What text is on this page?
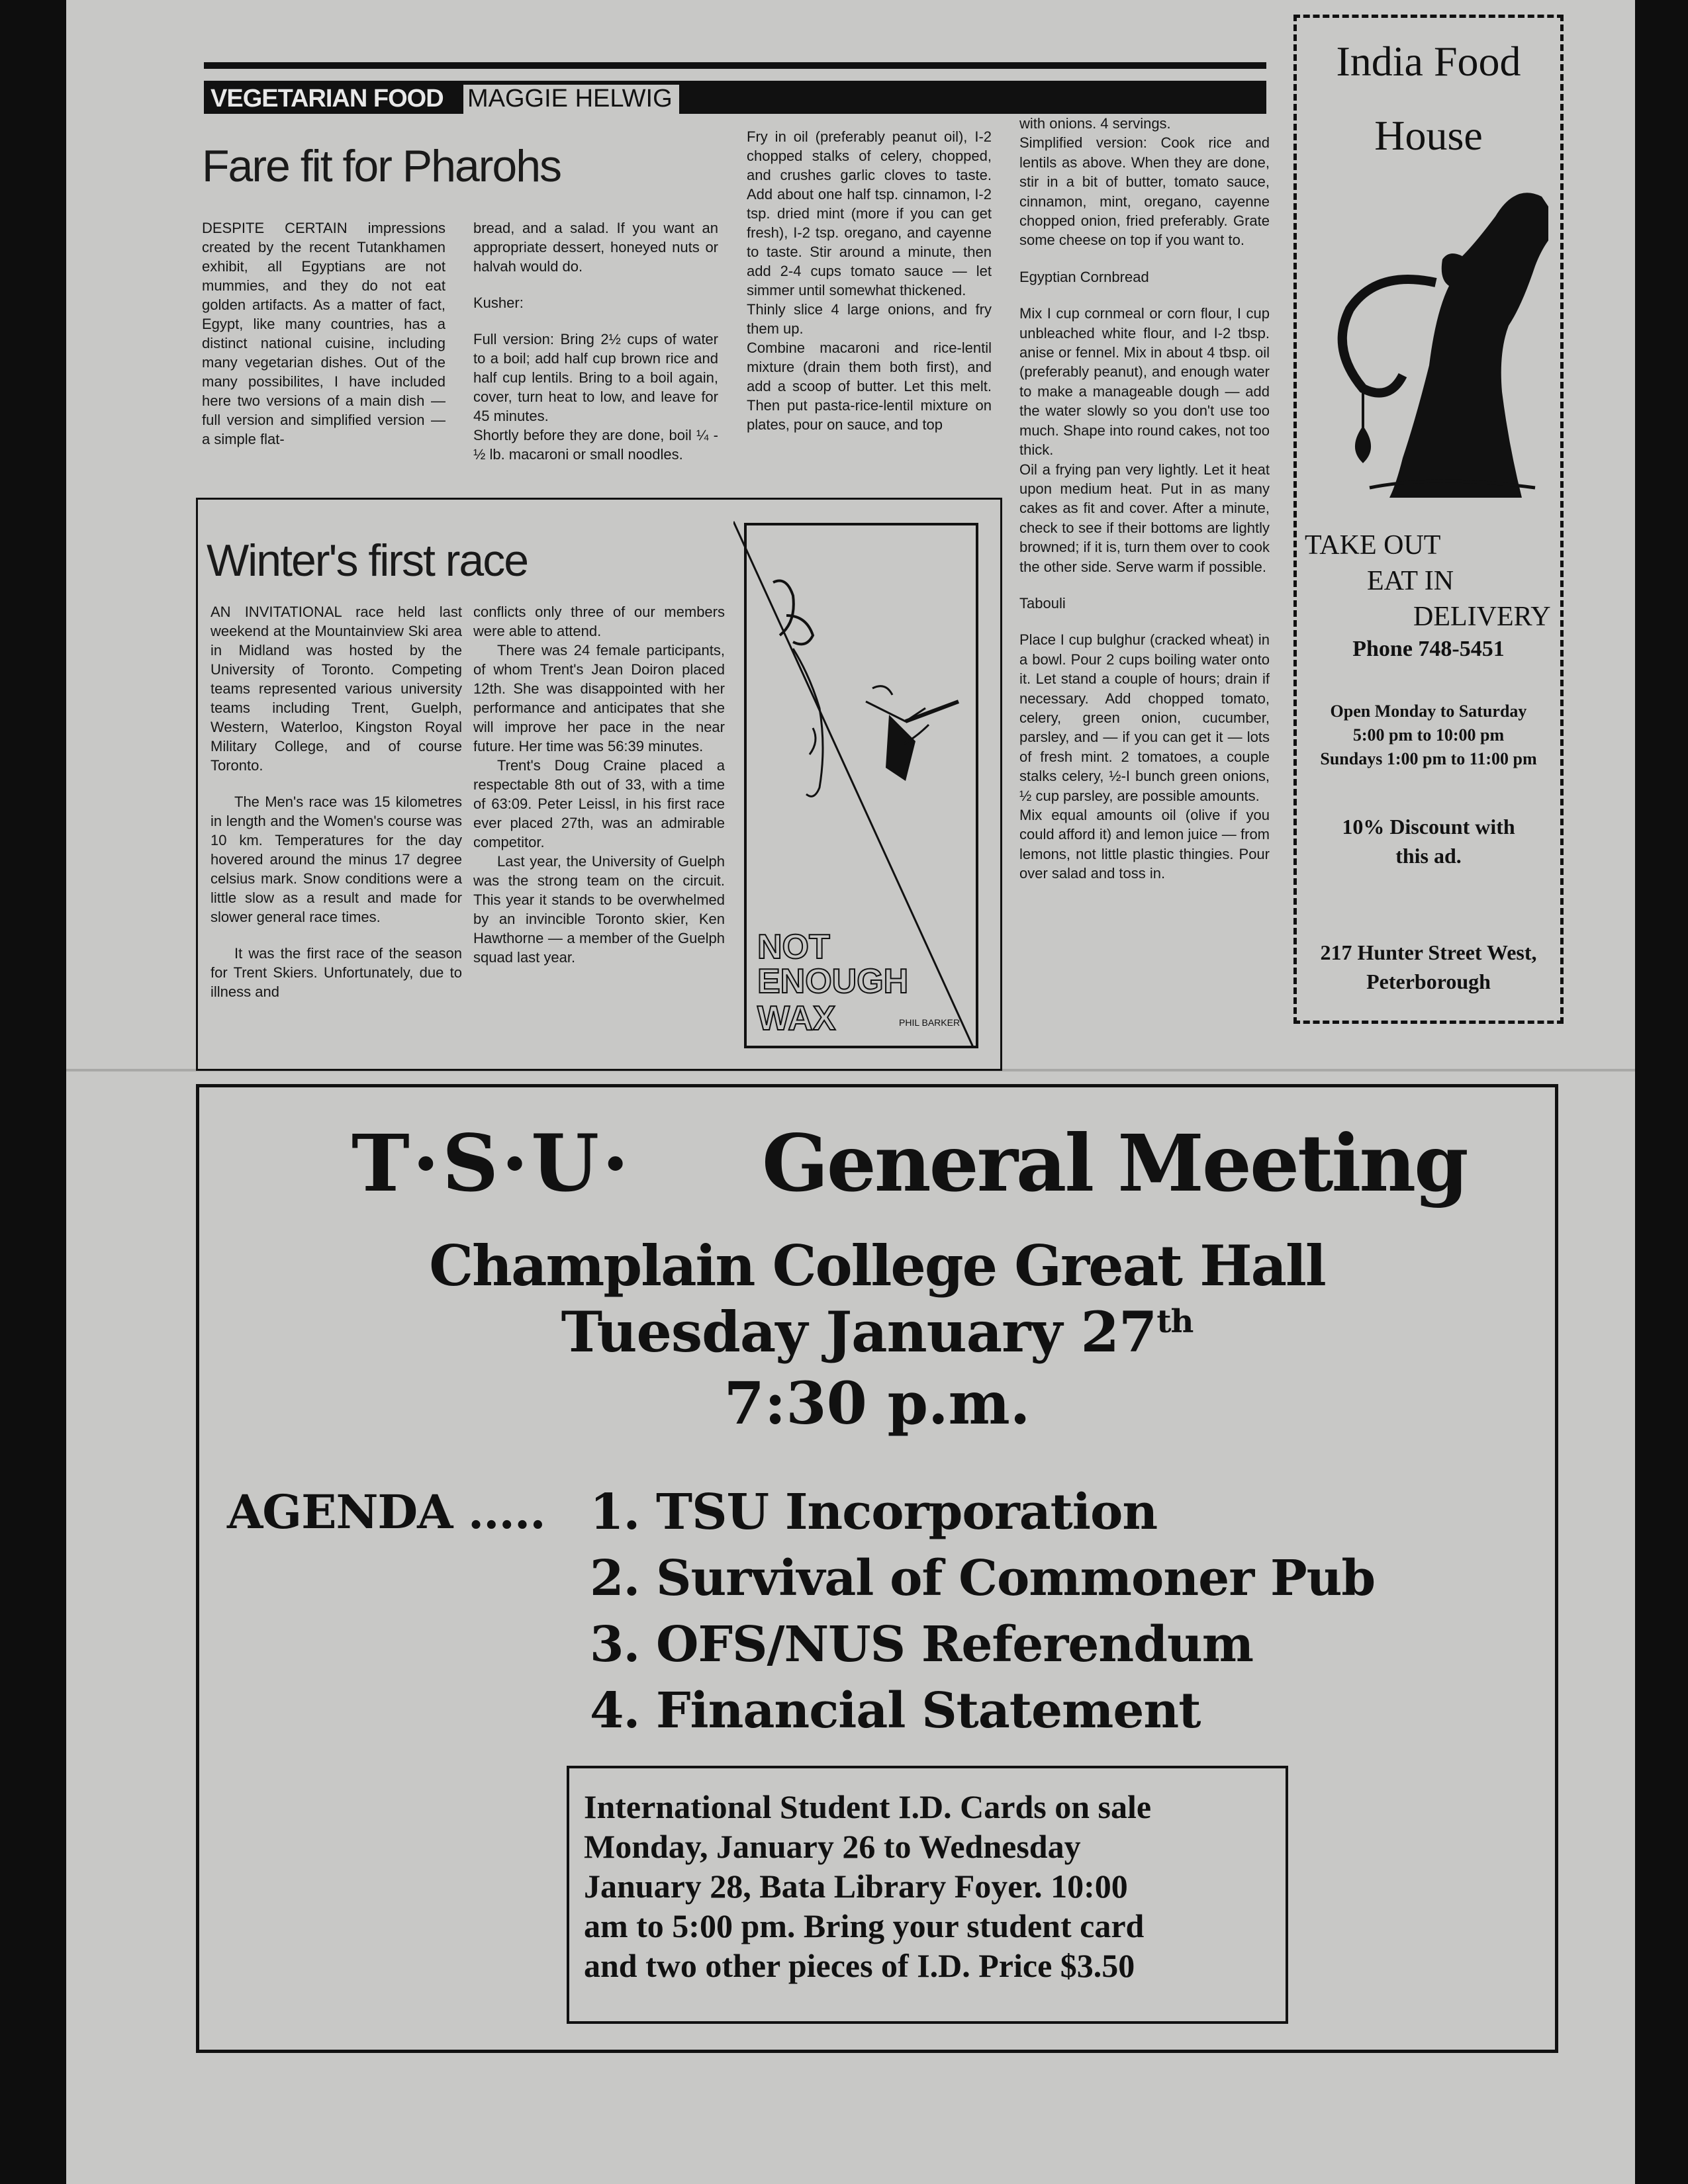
VEGETARIAN FOOD MAGGIE HELWIG
Fare fit for Pharohs

DESPITE CERTAIN impressions created by the recent Tutankhamen exhibit, all Egyptians are not mummies, and they do not eat golden artifacts. As a matter of fact, Egypt, like many countries, has a distinct national cuisine, including many vegetarian dishes. Out of the many possibilites, I have included here two versions of a main dish — full version and simplified version — a simple flat-

bread, and a salad. If you want an appropriate dessert, honeyed nuts or halvah would do.

Kusher:

Full version: Bring 2½ cups of water to a boil; add half cup brown rice and half cup lentils. Bring to a boil again, cover, turn heat to low, and leave for 45 minutes.

Shortly before they are done, boil ¼ - ½ lb. macaroni or small noodles.

Fry in oil (preferably peanut oil), I-2 chopped stalks of celery, chopped, and crushes garlic cloves to taste. Add about one half tsp. cinnamon, I-2 tsp. dried mint (more if you can get fresh), I-2 tsp. oregano, and cayenne to taste. Stir around a minute, then add 2-4 cups tomato sauce — let simmer until somewhat thickened.

Thinly slice 4 large onions, and fry them up.

Combine macaroni and rice-lentil mixture (drain them both first), and add a scoop of butter. Let this melt. Then put pasta-rice-lentil mixture on plates, pour on sauce, and top

with onions. 4 servings.

Simplified version: Cook rice and lentils as above. When they are done, stir in a bit of butter, tomato sauce, cinnamon, mint, oregano, cayenne chopped onion, fried preferably. Grate some cheese on top if you want to.

Egyptian Cornbread

Mix I cup cornmeal or corn flour, I cup unbleached white flour, and I-2 tbsp. anise or fennel. Mix in about 4 tbsp. oil (preferably peanut), and enough water to make a manageable dough — add the water slowly so you don't use too much. Shape into round cakes, not too thick.

Oil a frying pan very lightly. Let it heat upon medium heat. Put in as many cakes as fit and cover. After a minute, check to see if their bottoms are lightly browned; if it is, turn them over to cook the other side. Serve warm if possible.

Tabouli

Place I cup bulghur (cracked wheat) in a bowl. Pour 2 cups boiling water onto it. Let stand a couple of hours; drain if necessary. Add chopped tomato, celery, green onion, cucumber, parsley, and — if you can get it — lots of fresh mint. 2 tomatoes, a couple stalks celery, ½-I bunch green onions, ½ cup parsley, are possible amounts.

Mix equal amounts oil (olive if you could afford it) and lemon juice — from lemons, not little plastic thingies. Pour over salad and toss in.

Winter's first race

AN INVITATIONAL race held last weekend at the Mountainview Ski area in Midland was hosted by the University of Toronto. Competing teams represented various university teams including Trent, Guelph, Western, Waterloo, Kingston Royal Military College, and of course Toronto.

The Men's race was 15 kilometres in length and the Women's course was 10 km. Temperatures for the day hovered around the minus 17 degree celsius mark. Snow conditions were a little slow as a result and made for slower general race times.

It was the first race of the season for Trent Skiers. Unfortunately, due to illness and

conflicts only three of our members were able to attend.

There was 24 female participants, of whom Trent's Jean Doiron placed 12th. She was disappointed with her performance and anticipates that she will improve her pace in the near future. Her time was 56:39 minutes.

Trent's Doug Craine placed a respectable 8th out of 33, with a time of 63:09. Peter Leissl, in his first race ever placed 27th, was an admirable competitor.

Last year, the University of Guelph was the strong team on the circuit. This year it stands to be overwhelmed by an invincible Toronto skier, Ken Hawthorne — a member of the Guelph squad last year.	NOT
ENOUGH
WAX	PHIL BARKER
India Food
House
TAKE OUT
EAT IN
DELIVERY
Phone 748-5451
Open Monday to Saturday
5:00 pm to 10:00 pm
Sundays 1:00 pm to 11:00 pm
10% Discount with
this ad.
217 Hunter Street West,
Peterborough
T·S·U· General Meeting
Champlain College Great Hall
Tuesday January 27th
7:30 p.m.
AGENDA ..... 1. TSU Incorporation
2. Survival of Commoner Pub
3. OFS/NUS Referendum
4. Financial Statement
International Student I.D. Cards on sale
Monday, January 26 to Wednesday
January 28, Bata Library Foyer. 10:00
am to 5:00 pm. Bring your student card
and two other pieces of I.D. Price $3.50
